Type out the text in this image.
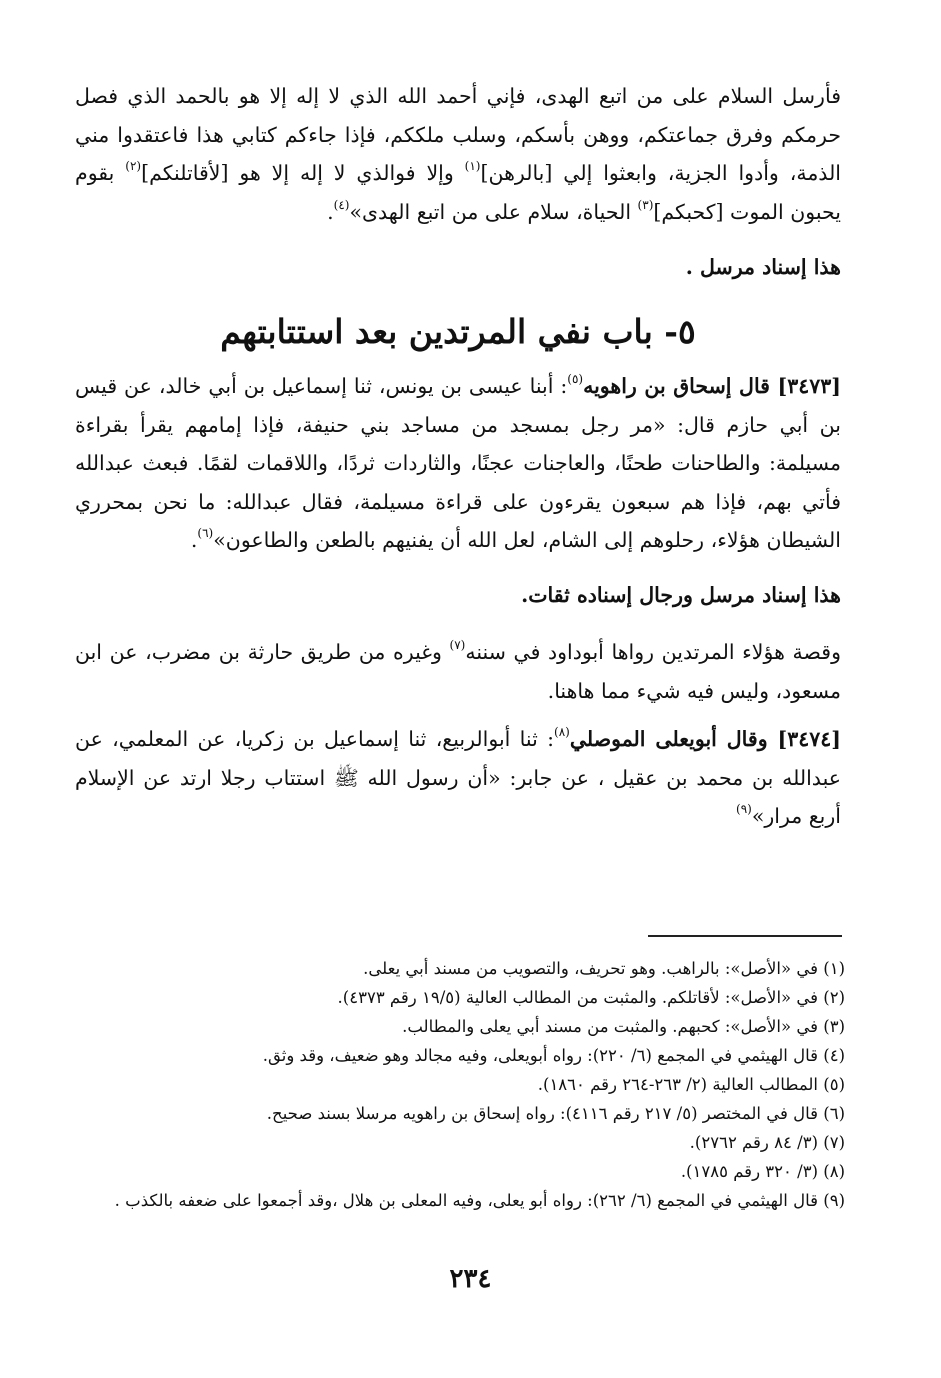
فأرسل السلام على من اتبع الهدى، فإني أحمد الله الذي لا إله إلا هو بالحمد الذي فصل حرمكم وفرق جماعتكم، ووهن بأسكم، وسلب ملككم، فإذا جاءكم كتابي هذا فاعتقدوا مني الذمة، وأدوا الجزية، وابعثوا إلي [بالرهن]$^{(١)}$ وإلا فوالذي لا إله إلا هو [لأقاتلنكم]$^{(٢)}$ بقوم يحبون الموت [كحبكم]$^{(٣)}$ الحياة، سلام على من اتبع الهدى»$^{(٤)}$.

هذا إسناد مرسل .
٥- باب نفي المرتدين بعد استتابتهم

[٣٤٧٣] قال إسحاق بن راهويه$^{(٥)}$: أبنا عيسى بن يونس، ثنا إسماعيل بن أبي خالد، عن قيس بن أبي حازم قال: «مر رجل بمسجد من مساجد بني حنيفة، فإذا إمامهم يقرأ بقراءة مسيلمة: والطاحنات طحنًا، والعاجنات عجنًا، والثاردات ثردًا، واللاقمات لقمًا. فبعث عبدالله فأتي بهم، فإذا هم سبعون يقرءون على قراءة مسيلمة، فقال عبدالله: ما نحن بمحرري الشيطان هؤلاء، رحلوهم إلى الشام، لعل الله أن يفنيهم بالطعن والطاعون»$^{(٦)}$.

هذا إسناد مرسل ورجال إسناده ثقات.

وقصة هؤلاء المرتدين رواها أبوداود في سننه$^{(٧)}$ وغيره من طريق حارثة بن مضرب، عن ابن مسعود، وليس فيه شيء مما هاهنا.

[٣٤٧٤] وقال أبويعلى الموصلي$^{(٨)}$: ثنا أبوالربيع، ثنا إسماعيل بن زكريا، عن المعلمي، عن عبدالله بن محمد بن عقيل ، عن جابر: «أن رسول الله ﷺ استتاب رجلا ارتد عن الإسلام أربع مرار»$^{(٩)}$

(١) في «الأصل»: بالراهب. وهو تحريف، والتصويب من مسند أبي يعلى.

(٢) في «الأصل»: لأقاتلكم. والمثبت من المطالب العالية (١٩/٥ رقم ٤٣٧٣).

(٣) في «الأصل»: كحبهم. والمثبت من مسند أبي يعلى والمطالب.

(٤) قال الهيثمي في المجمع (٦/ ٢٢٠): رواه أبويعلى، وفيه مجالد وهو ضعيف، وقد وثق.

(٥) المطالب العالية (٢/ ٢٦٣-٢٦٤ رقم ١٨٦٠).

(٦) قال في المختصر (٥/ ٢١٧ رقم ٤١١٦): رواه إسحاق بن راهويه مرسلا بسند صحيح.

(٧) (٣/ ٨٤ رقم ٢٧٦٢).

(٨) (٣/ ٣٢٠ رقم ١٧٨٥).

(٩) قال الهيثمي في المجمع (٦/ ٢٦٢): رواه أبو يعلى، وفيه المعلى بن هلال ،وقد أجمعوا على ضعفه بالكذب .

٢٣٤
